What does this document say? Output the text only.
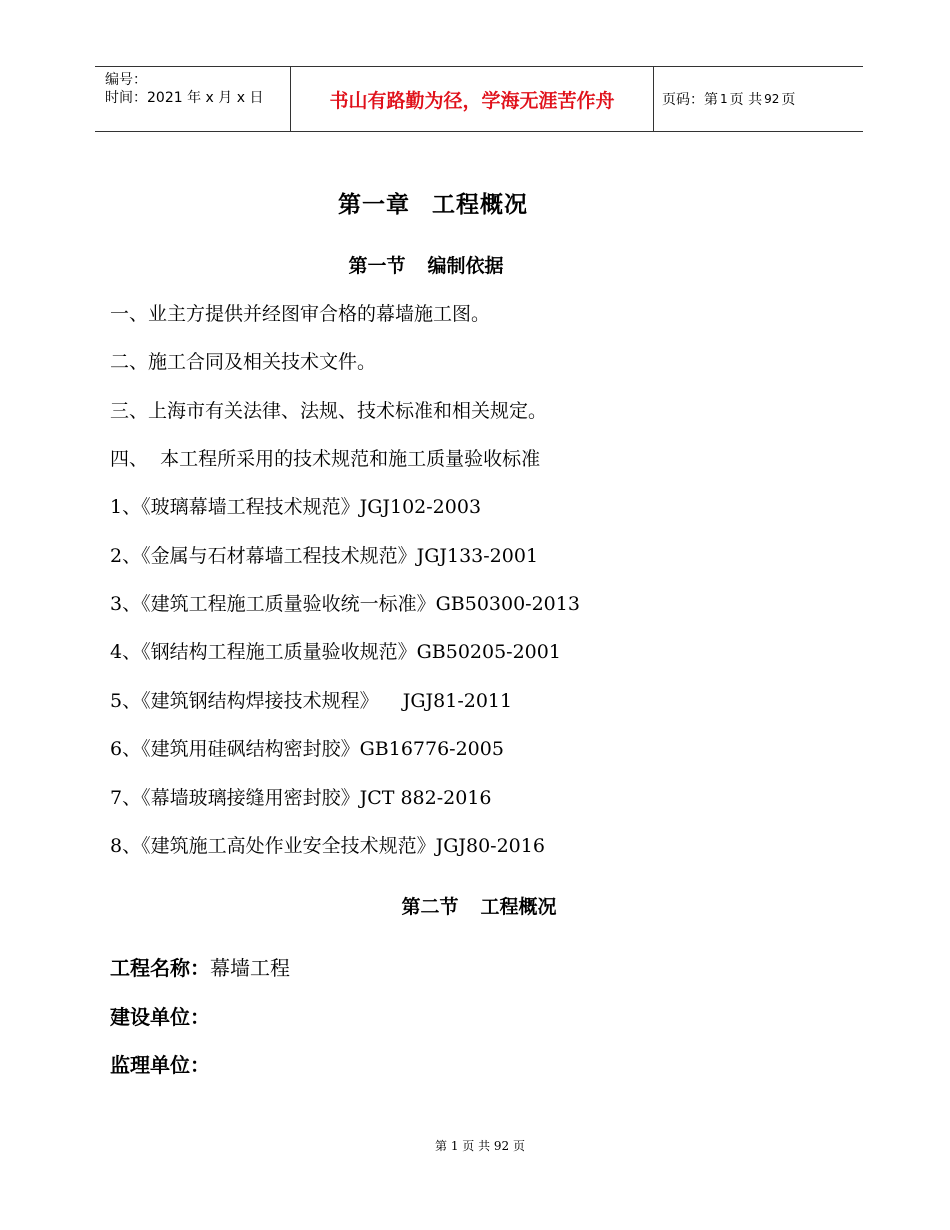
编号：
时间：2021 年 x 月 x 日	书山有路勤为径，学海无涯苦作舟	页码：第 1 页 共 92 页
第一章 工程概况
第一节 编制依据
一、业主方提供并经图审合格的幕墙施工图。
二、施工合同及相关技术文件。
三、上海市有关法律、法规、技术标准和相关规定。
四、  本工程所采用的技术规范和施工质量验收标准
1、《玻璃幕墙工程技术规范》JGJ102-2003
2、《金属与石材幕墙工程技术规范》JGJ133-2001
3、《建筑工程施工质量验收统一标准》GB50300-2013
4、《钢结构工程施工质量验收规范》GB50205-2001
5、《建筑钢结构焊接技术规程》    JGJ81-2011
6、《建筑用硅砜结构密封胶》GB16776-2005
7、《幕墙玻璃接缝用密封胶》JCT 882-2016
8、《建筑施工高处作业安全技术规范》JGJ80-2016
第二节 工程概况
工程名称：幕墙工程
建设单位：
监理单位：
第 1 页 共 92 页
